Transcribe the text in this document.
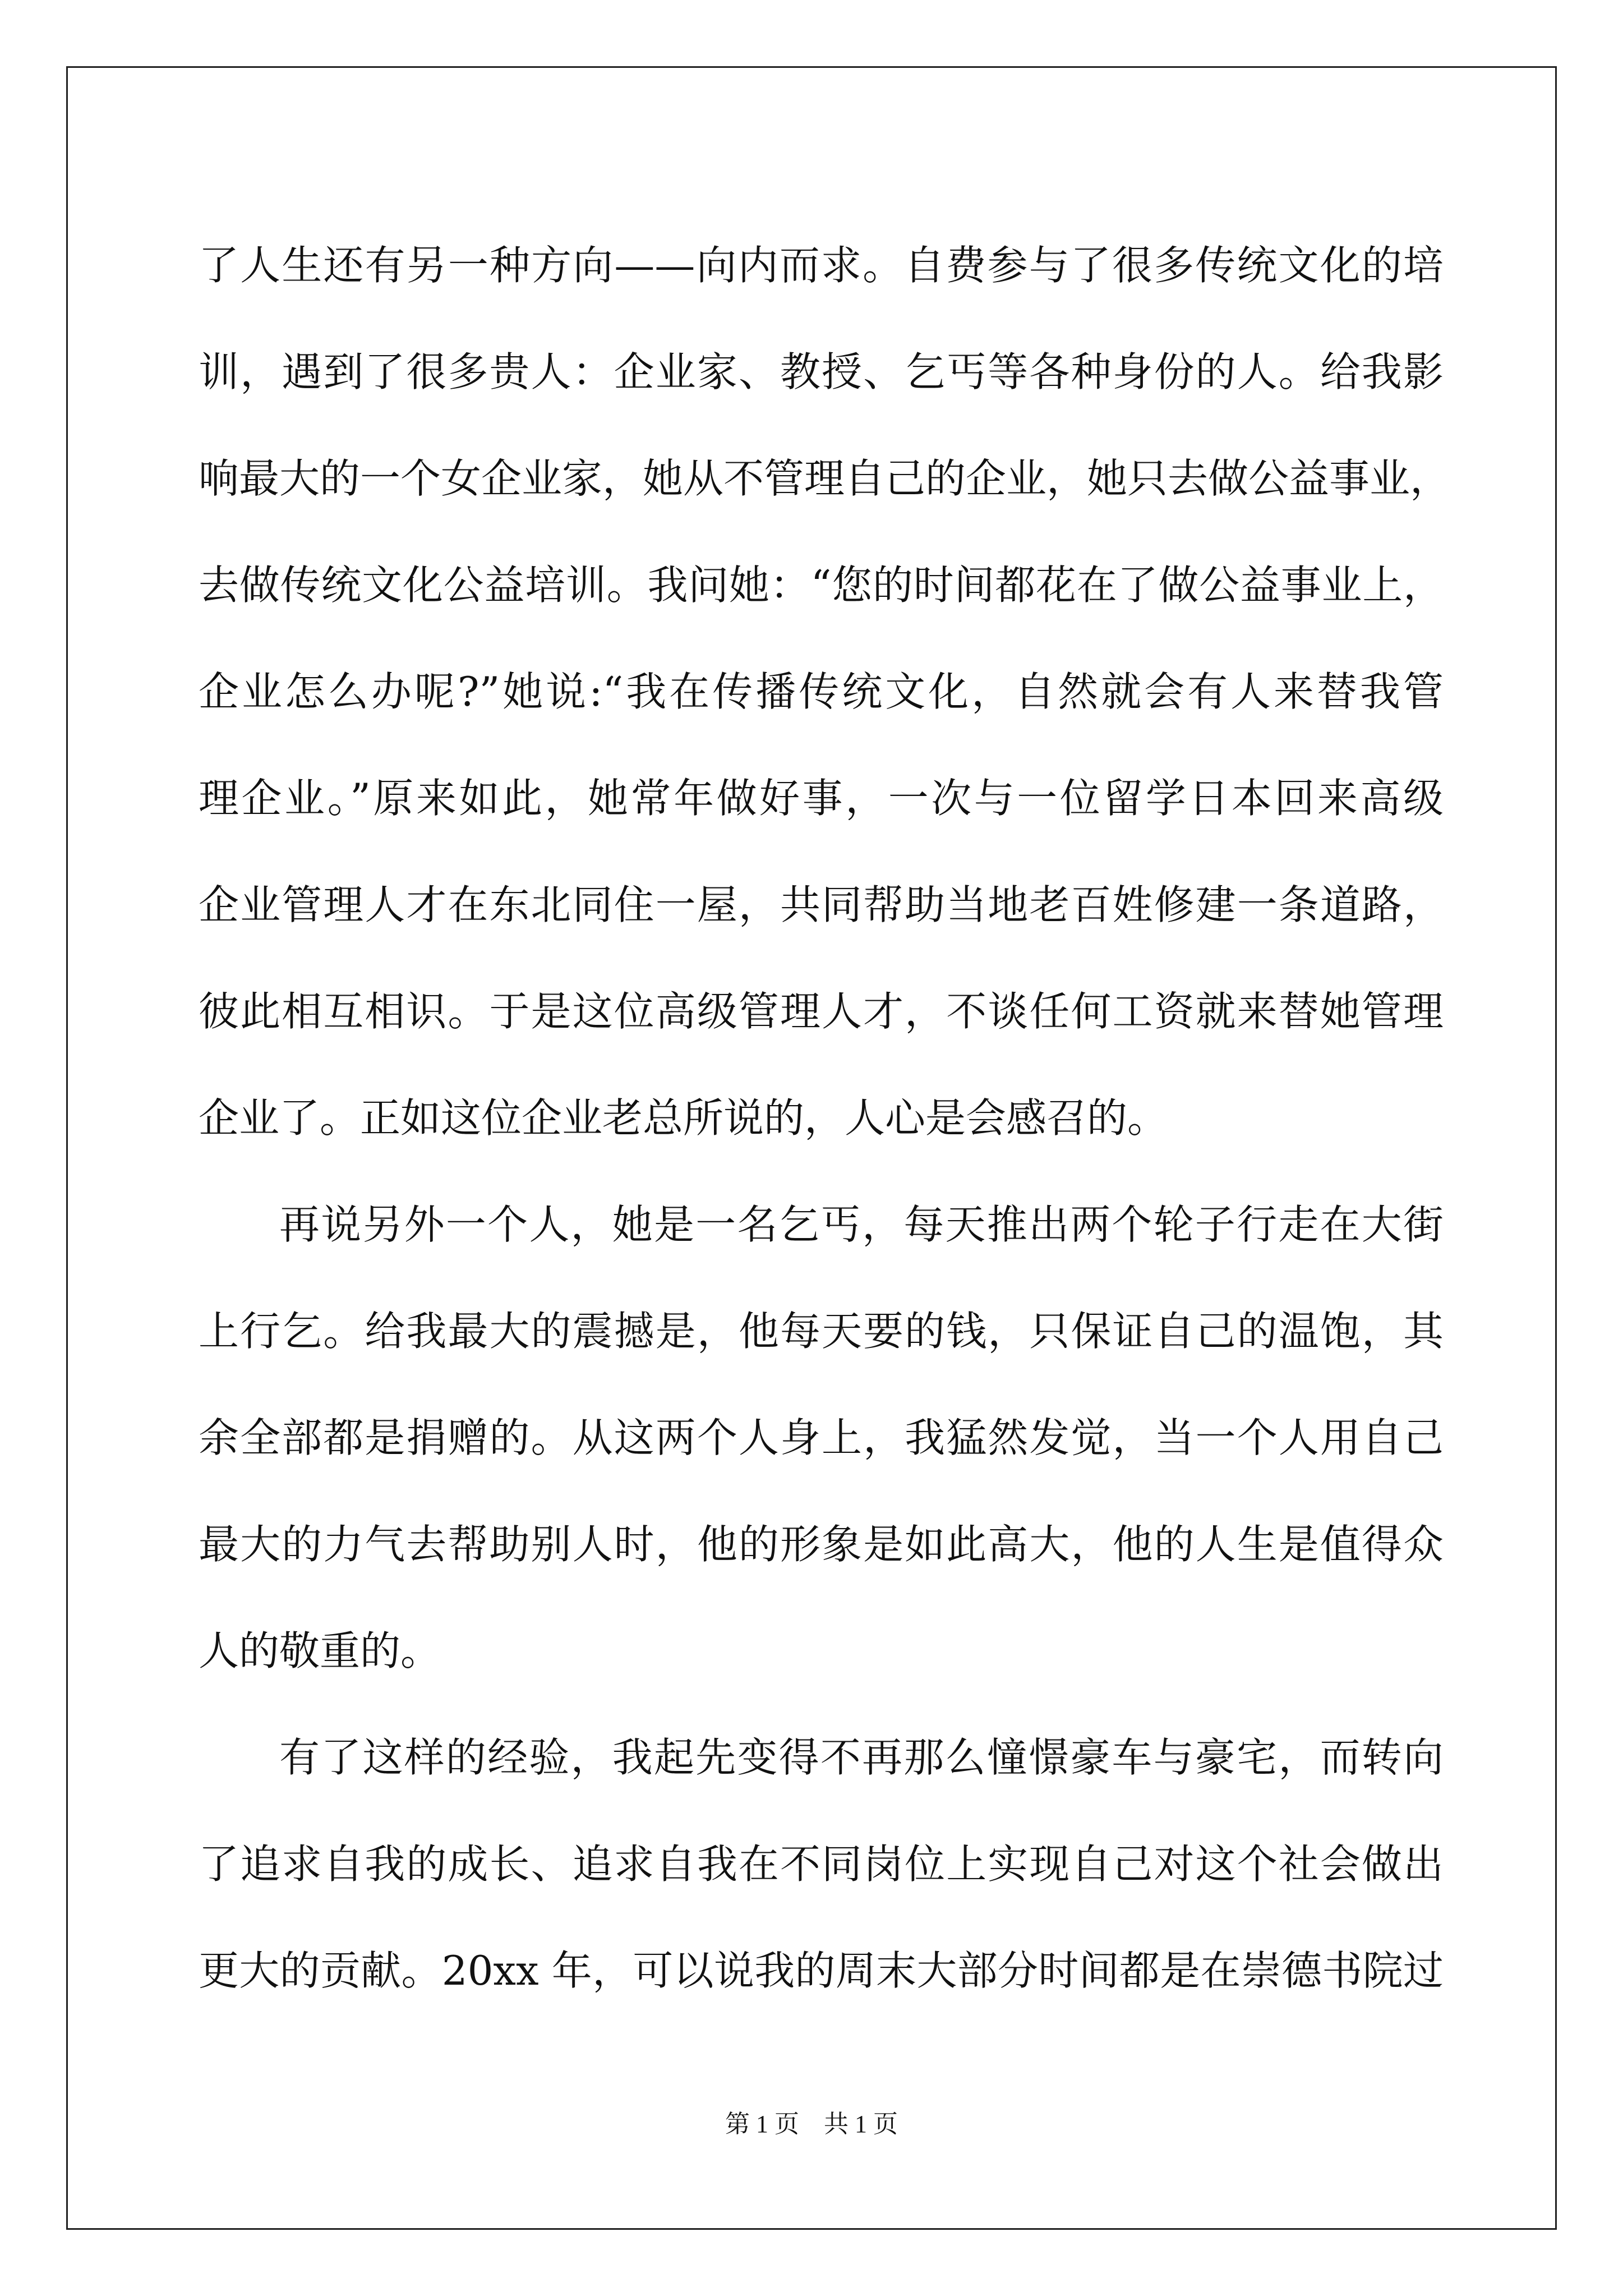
了人生还有另一种方向——向内而求。自费参与了很多传统文化的培
训，遇到了很多贵人：企业家、教授、乞丐等各种身份的人。给我影
响最大的一个女企业家，她从不管理自己的企业，她只去做公益事业，
去做传统文化公益培训。我问她：“您的时间都花在了做公益事业上，
企业怎么办呢?”她说:“我在传播传统文化，自然就会有人来替我管
理企业。”原来如此，她常年做好事，一次与一位留学日本回来高级
企业管理人才在东北同住一屋，共同帮助当地老百姓修建一条道路，
彼此相互相识。于是这位高级管理人才，不谈任何工资就来替她管理
企业了。正如这位企业老总所说的，人心是会感召的。
再说另外一个人，她是一名乞丐，每天推出两个轮子行走在大街
上行乞。给我最大的震撼是，他每天要的钱，只保证自己的温饱，其
余全部都是捐赠的。从这两个人身上，我猛然发觉，当一个人用自己
最大的力气去帮助别人时，他的形象是如此高大，他的人生是值得众
人的敬重的。
有了这样的经验，我起先变得不再那么憧憬豪车与豪宅，而转向
了追求自我的成长、追求自我在不同岗位上实现自己对这个社会做出
更大的贡献。20xx 年，可以说我的周末大部分时间都是在崇德书院过
第 1 页 共 1 页
